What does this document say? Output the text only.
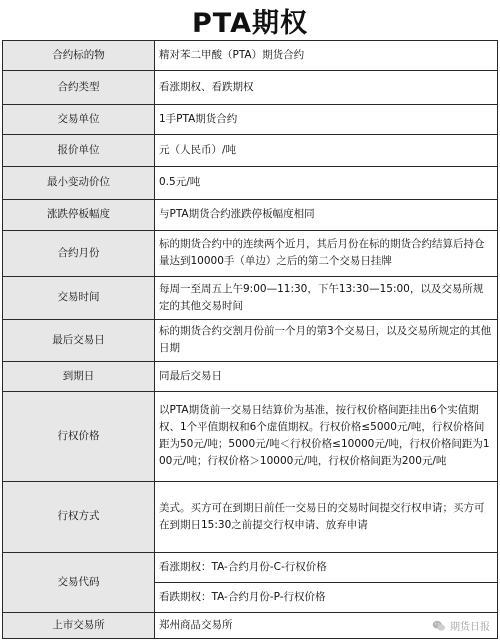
PTA期权
合约标的物	精对苯二甲酸（PTA）期货合约
合约类型	看涨期权、看跌期权
交易单位	1手PTA期货合约
报价单位	元（人民币）/吨
最小变动价位	0.5元/吨
涨跌停板幅度	与PTA期货合约涨跌停板幅度相同
合约月份	标的期货合约中的连续两个近月，其后月份在标的期货合约结算后持仓量达到10000手（单边）之后的第二个交易日挂牌
交易时间	每周一至周五上午9:00—11:30，下午13:30—15:00，以及交易所规定的其他交易时间
最后交易日	标的期货合约交割月份前一个月的第3个交易日，以及交易所规定的其他日期
到期日	同最后交易日
行权价格	以PTA期货前一交易日结算价为基准，按行权价格间距挂出6个实值期权、1个平值期权和6个虚值期权。行权价格≤5000元/吨，行权价格间距为50元/吨；5000元/吨＜行权价格≤10000元/吨，行权价格间距为100元/吨；行权价格＞10000元/吨，行权价格间距为200元/吨
行权方式	美式。买方可在到期日前任一交易日的交易时间提交行权申请；买方可在到期日15:30之前提交行权申请、放弃申请
交易代码	看涨期权：TA-合约月份-C-行权价格
	看跌期权：TA-合约月份-P-行权价格
上市交易所	郑州商品交易所	期货日报
